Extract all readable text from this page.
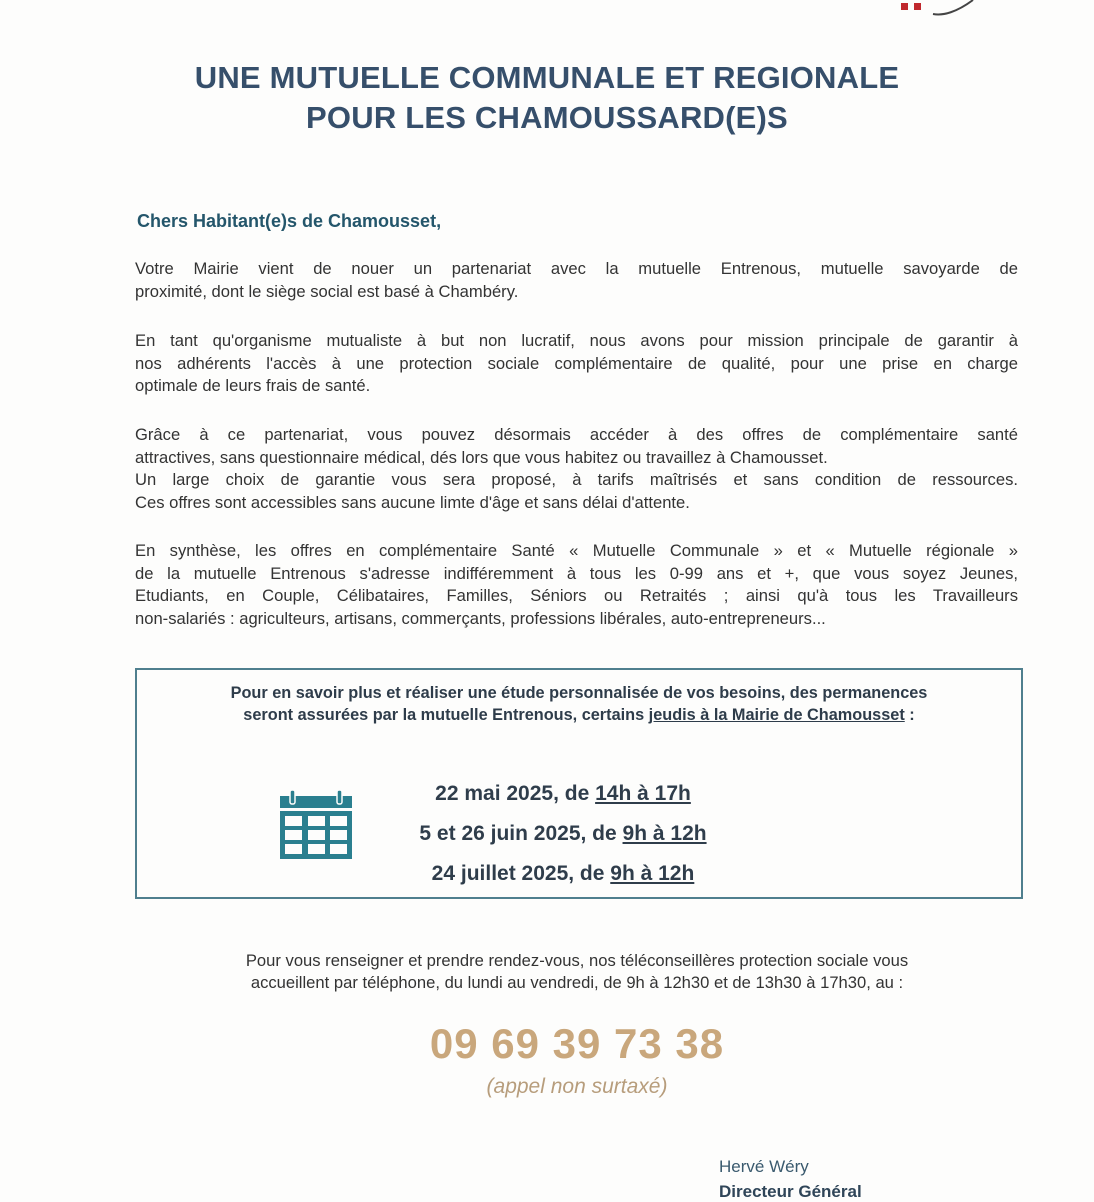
UNE MUTUELLE COMMUNALE ET REGIONALE
POUR LES CHAMOUSSARD(E)S
Chers Habitant(e)s de Chamousset,
Votre Mairie vient de nouer un partenariat avec la mutuelle Entrenous, mutuelle savoyarde de
proximité, dont le siège social est basé à Chambéry.
En tant qu'organisme mutualiste à but non lucratif, nous avons pour mission principale de garantir à
nos adhérents l'accès à une protection sociale complémentaire de qualité, pour une prise en charge
optimale de leurs frais de santé.
Grâce à ce partenariat, vous pouvez désormais accéder à des offres de complémentaire santé
attractives, sans questionnaire médical, dés lors que vous habitez ou travaillez à Chamousset.
Un large choix de garantie vous sera proposé, à tarifs maîtrisés et sans condition de ressources.
Ces offres sont accessibles sans aucune limte d'âge et sans délai d'attente.
En synthèse, les offres en complémentaire Santé « Mutuelle Communale » et « Mutuelle régionale »
de la mutuelle Entrenous s'adresse indifféremment à tous les 0-99 ans et +, que vous soyez Jeunes,
Etudiants, en Couple, Célibataires, Familles, Séniors ou Retraités ; ainsi qu'à tous les Travailleurs
non-salariés : agriculteurs, artisans, commerçants, professions libérales, auto-entrepreneurs...
Pour en savoir plus et réaliser une étude personnalisée de vos besoins, des permanences
seront assurées par la mutuelle Entrenous, certains jeudis à la Mairie de Chamousset :
22 mai 2025, de 14h à 17h
5 et 26 juin 2025, de 9h à 12h
24 juillet 2025, de 9h à 12h
Pour vous renseigner et prendre rendez-vous, nos téléconseillères protection sociale vous
accueillent par téléphone, du lundi au vendredi, de 9h à 12h30 et de 13h30 à 17h30, au :
09 69 39 73 38
(appel non surtaxé)
Hervé Wéry
Directeur Général
